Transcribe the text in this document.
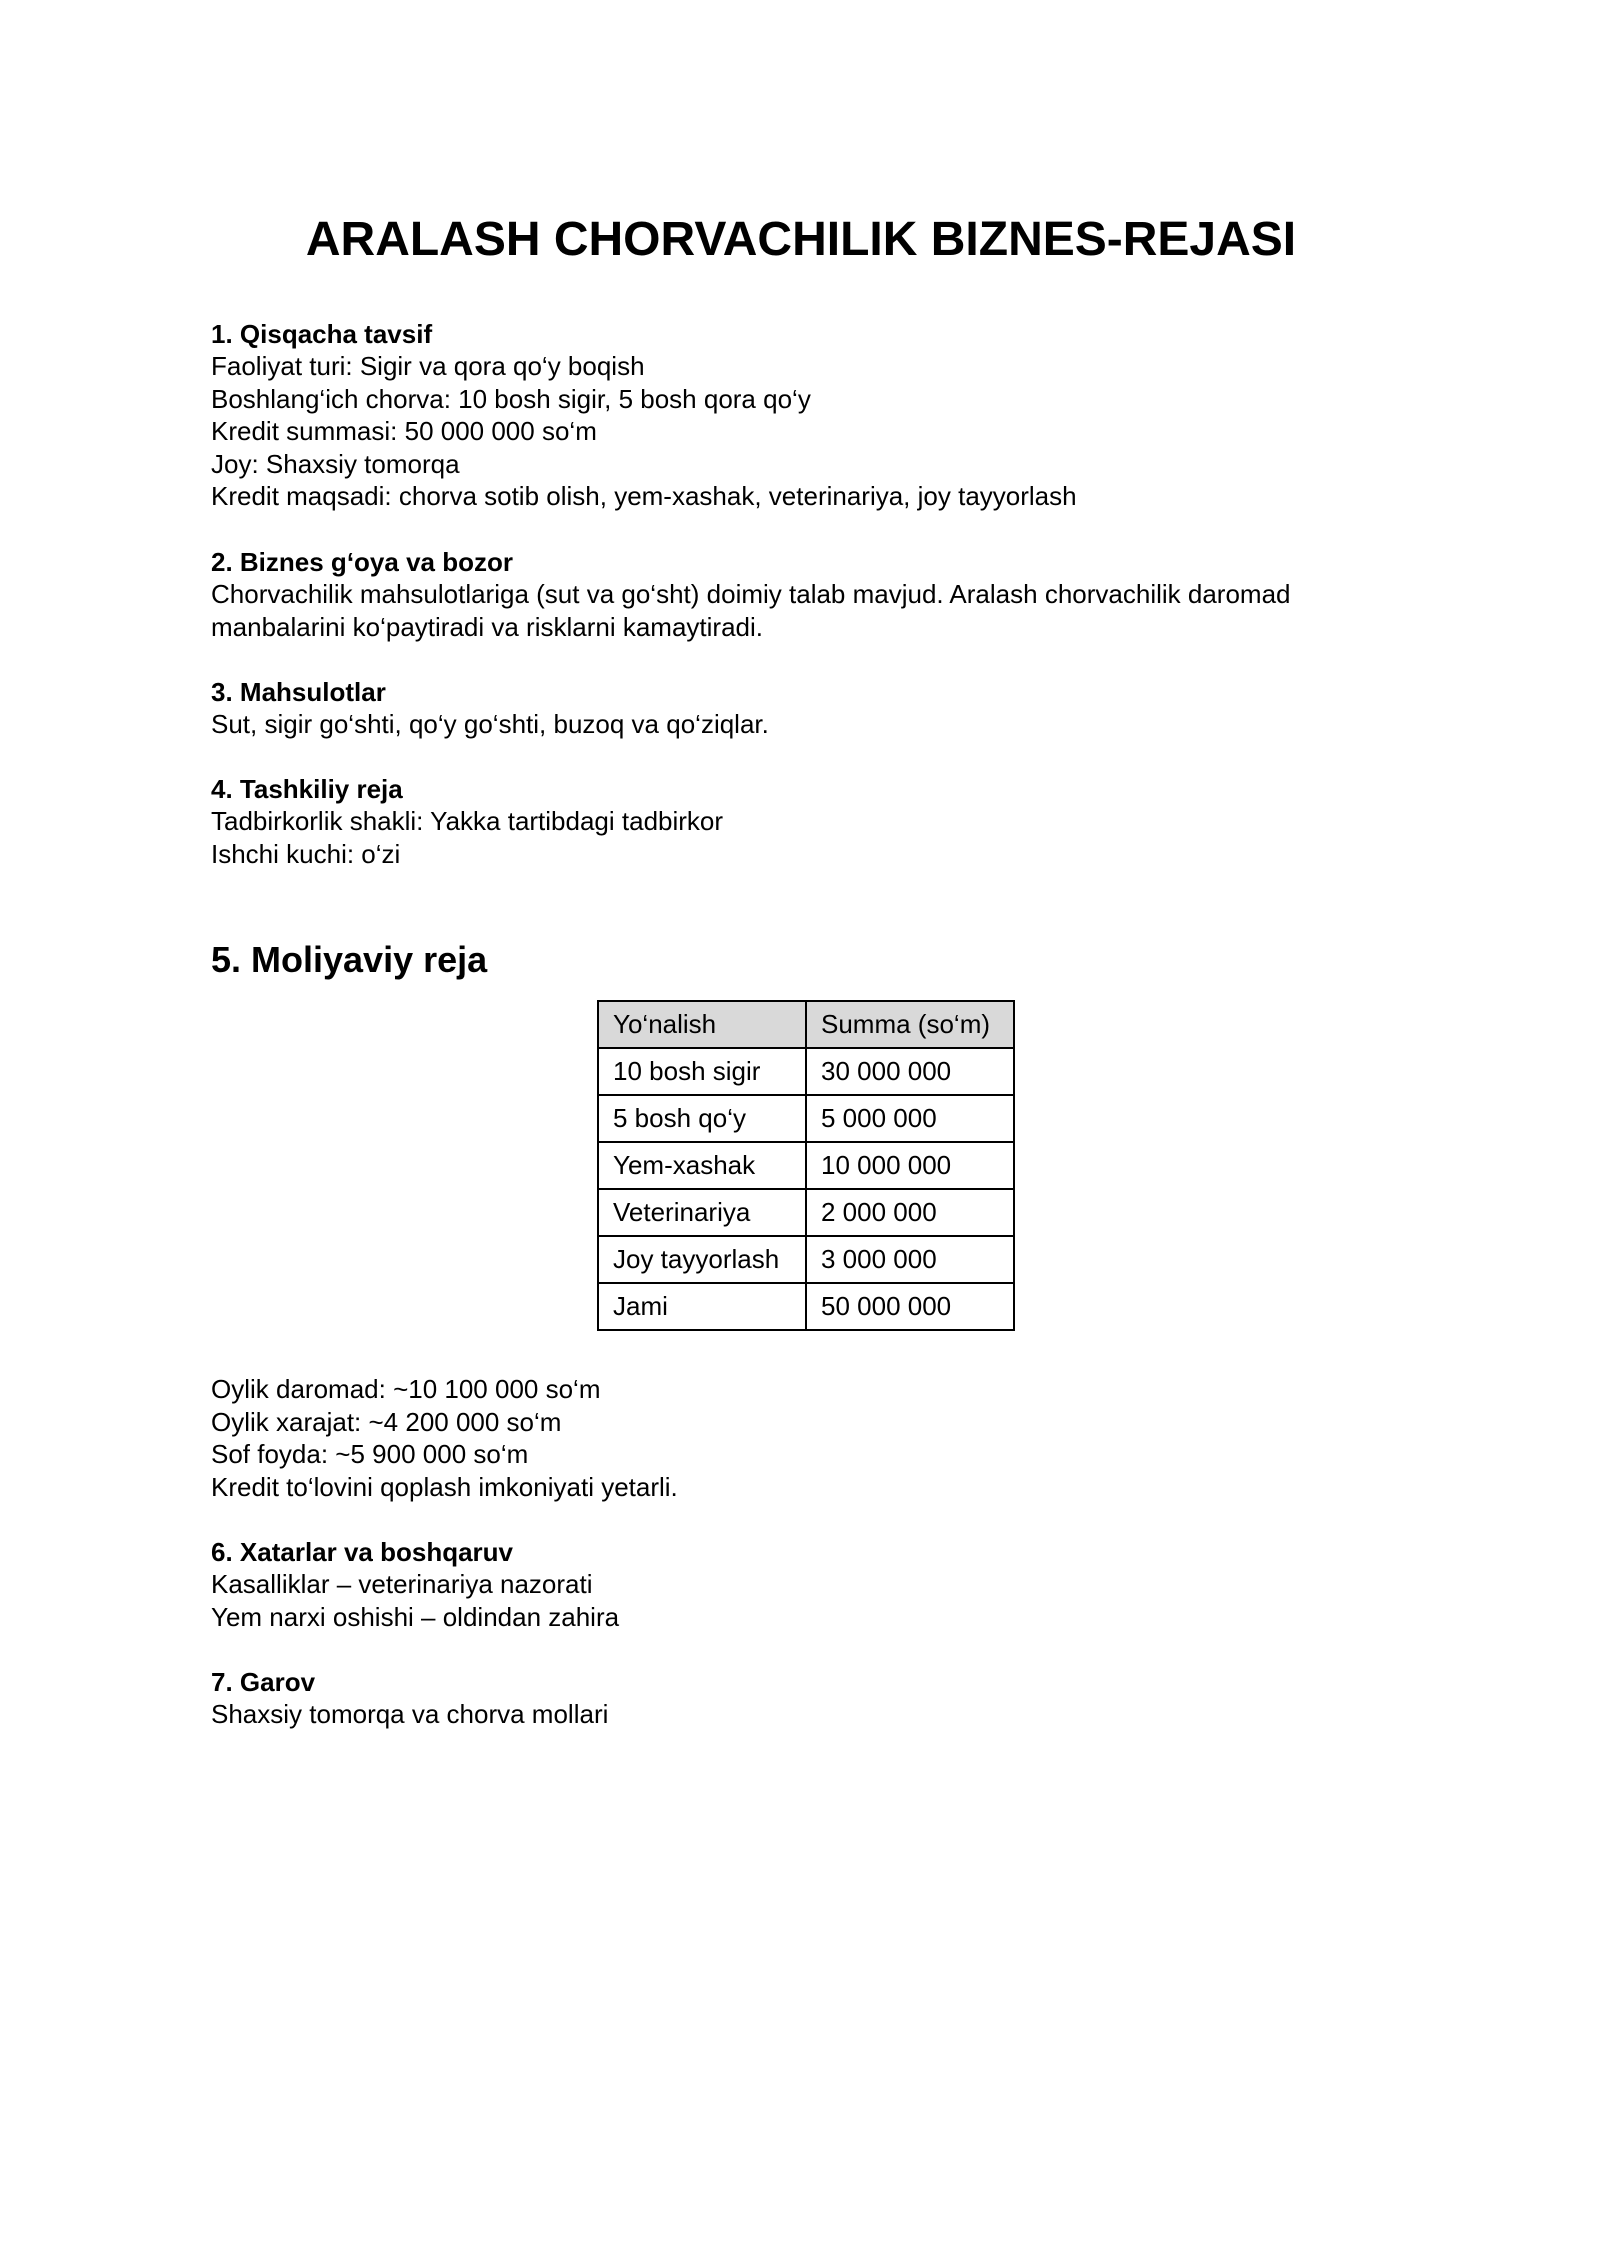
ARALASH CHORVACHILIK BIZNES-REJASI

1. Qisqacha tavsif

Faoliyat turi: Sigir va qora qo‘y boqish

Boshlang‘ich chorva: 10 bosh sigir, 5 bosh qora qo‘y

Kredit summasi: 50 000 000 so‘m

Joy: Shaxsiy tomorqa

Kredit maqsadi: chorva sotib olish, yem-xashak, veterinariya, joy tayyorlash

2. Biznes g‘oya va bozor

Chorvachilik mahsulotlariga (sut va go‘sht) doimiy talab mavjud. Aralash chorvachilik daromad

manbalarini ko‘paytiradi va risklarni kamaytiradi.

3. Mahsulotlar

Sut, sigir go‘shti, qo‘y go‘shti, buzoq va qo‘ziqlar.

4. Tashkiliy reja

Tadbirkorlik shakli: Yakka tartibdagi tadbirkor

Ishchi kuchi: o‘zi

5. Moliyaviy reja

Yo‘nalish	Summa (so‘m)
10 bosh sigir	30 000 000
5 bosh qo‘y	5 000 000
Yem-xashak	10 000 000
Veterinariya	2 000 000
Joy tayyorlash	3 000 000
Jami	50 000 000

Oylik daromad: ~10 100 000 so‘m

Oylik xarajat: ~4 200 000 so‘m

Sof foyda: ~5 900 000 so‘m

Kredit to‘lovini qoplash imkoniyati yetarli.

6. Xatarlar va boshqaruv

Kasalliklar – veterinariya nazorati

Yem narxi oshishi – oldindan zahira

7. Garov

Shaxsiy tomorqa va chorva mollari
